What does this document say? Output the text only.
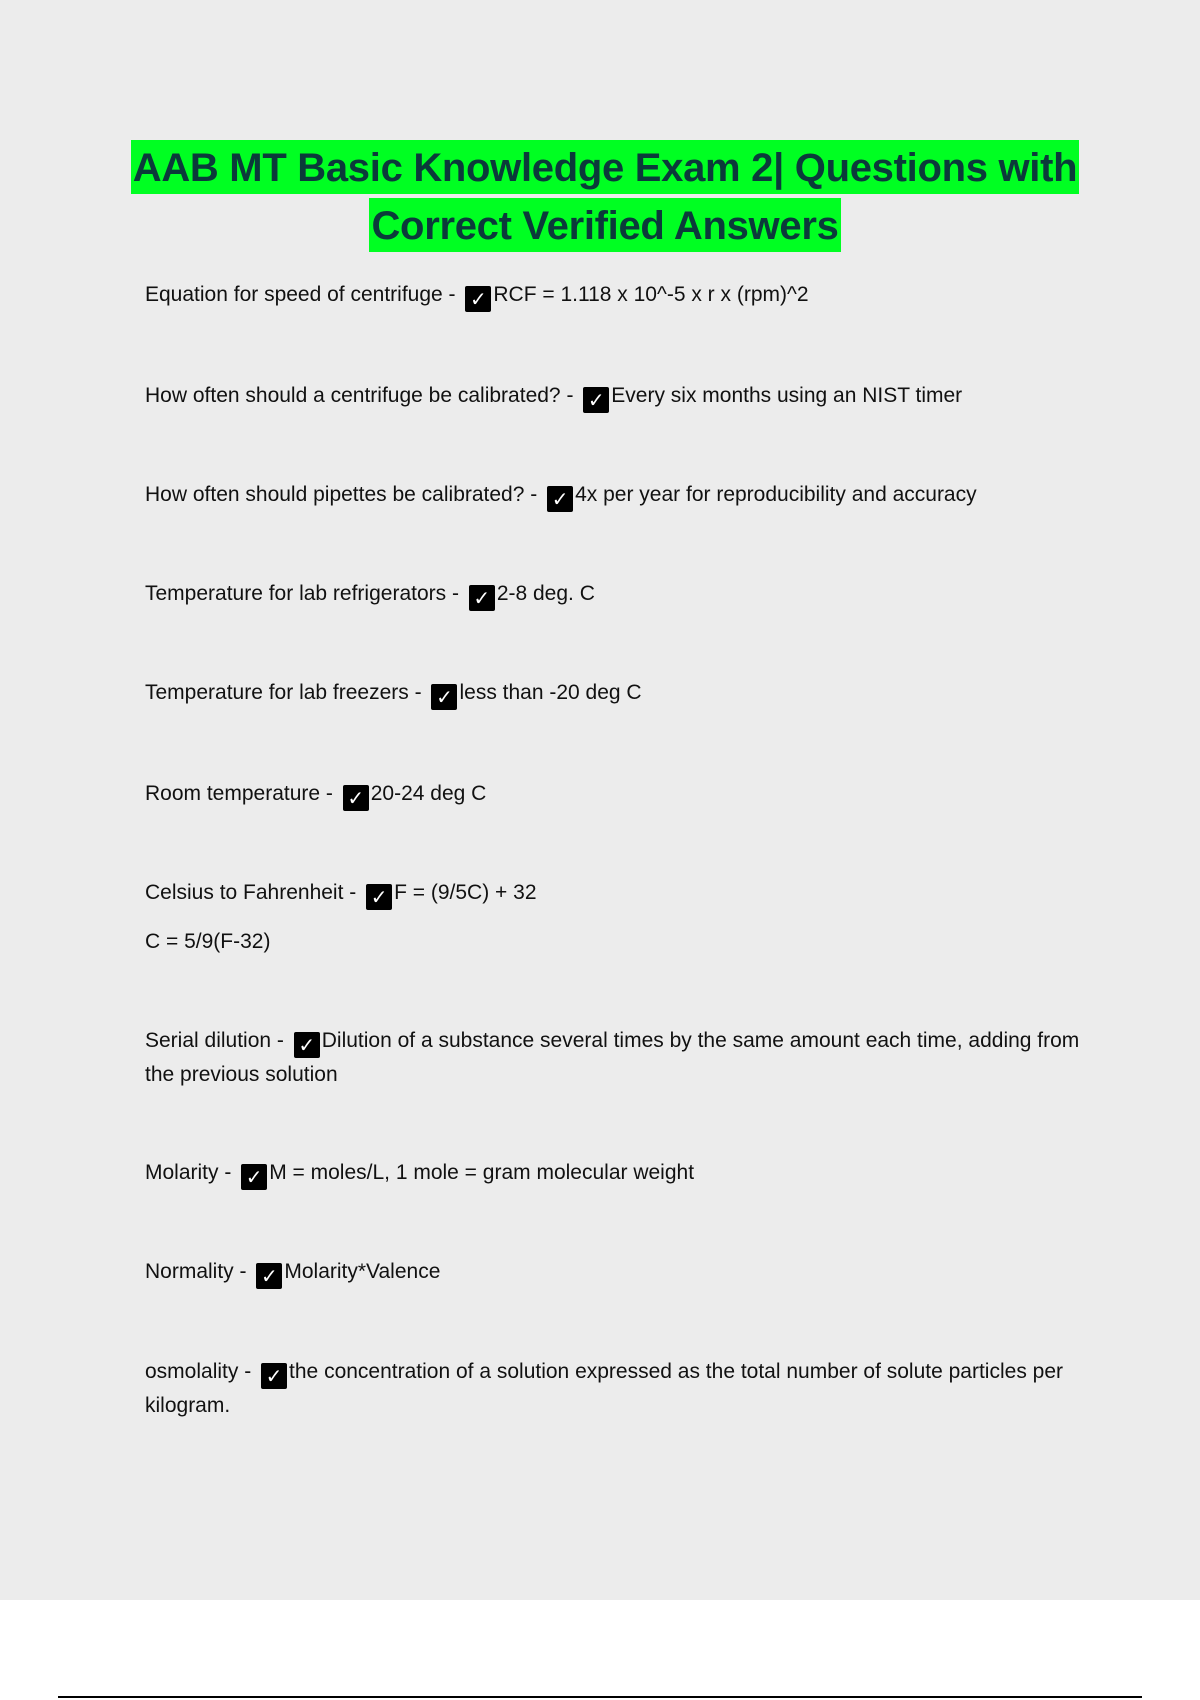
AAB MT Basic Knowledge Exam 2| Questions with
Correct Verified Answers
Equation for speed of centrifuge - ✓ RCF = 1.118 x 10^-5 x r x (rpm)^2
How often should a centrifuge be calibrated? - ✓ Every six months using an NIST timer
How often should pipettes be calibrated? - ✓ 4x per year for reproducibility and accuracy
Temperature for lab refrigerators - ✓ 2-8 deg. C
Temperature for lab freezers - ✓ less than -20 deg C
Room temperature - ✓ 20-24 deg C
Celsius to Fahrenheit - ✓ F = (9/5C) + 32
C = 5/9(F-32)
Serial dilution - ✓ Dilution of a substance several times by the same amount each time, adding from the previous solution
Molarity - ✓ M = moles/L, 1 mole = gram molecular weight
Normality - ✓ Molarity*Valence
osmolality - ✓ the concentration of a solution expressed as the total number of solute particles per kilogram.
